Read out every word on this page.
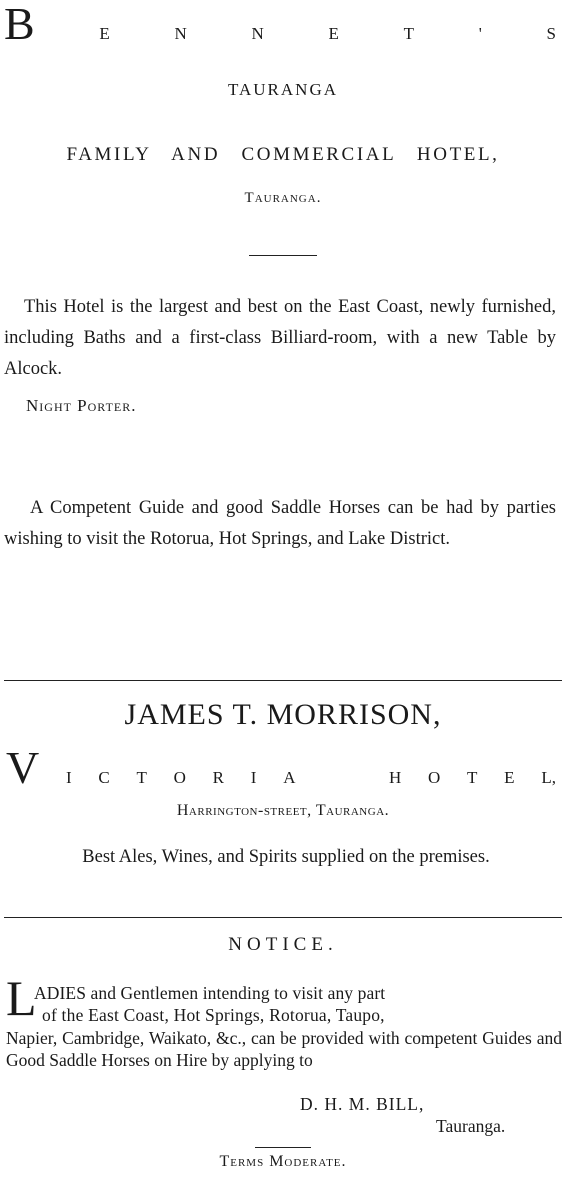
B	E	N	N	E	T	'	S
TAURANGA
FAMILY AND COMMERCIAL HOTEL,
Tauranga.
This Hotel is the largest and best on the East Coast, newly furnished, including Baths and a first-class Billiard-room, with a new Table by Alcock.
Night Porter.
A Competent Guide and good Saddle Horses can be had by parties wishing to visit the Rotorua, Hot Springs, and Lake District.
JAMES T. MORRISON,
V I C T O R I A	H O T E L,
Harrington-street, Tauranga.
Best Ales, Wines, and Spirits supplied on the premises.
NOTICE.
L
ADIES and Gentlemen intending to visit any part
of the East Coast, Hot Springs, Rotorua, Taupo,
Napier, Cambridge, Waikato, &c., can be provided with competent Guides and Good Saddle Horses on Hire by applying to
D. H. M. BILL,
Tauranga.
Terms Moderate.
